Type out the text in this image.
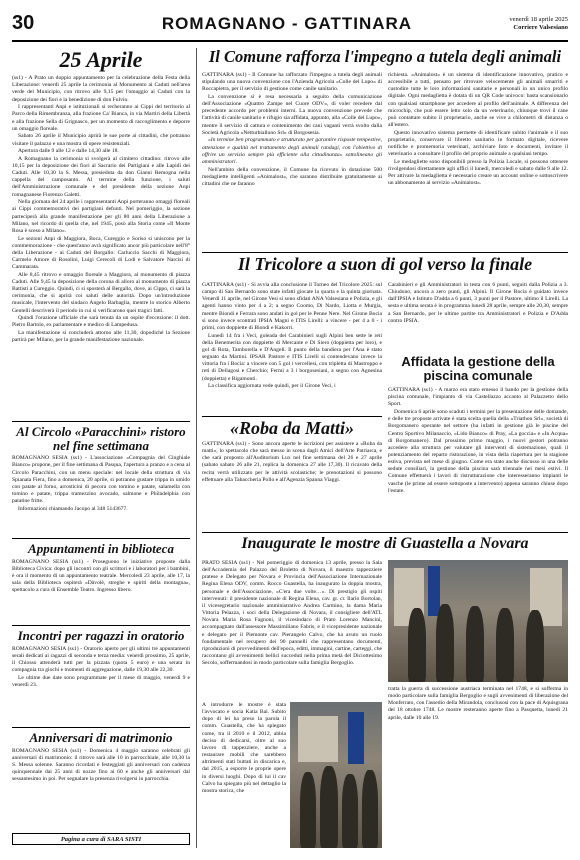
30	ROMAGNANO - GATTINARA	venerdì 18 aprile 2025
Corriere Valsesiano
25 Aprile

(ss1) - A Prato un doppio appuntamento per la celebrazione della Festa della Liberazione: venerdì 25 aprile la cerimonia al Monumento ai Caduti nell'area verde del Municipio, con ritrovo alle 9,15 per l'omaggio ai Caduti con la deposizione dei fiori e la benedizione di don Fulvio.

I rappresentanti Anpi e istituzionali si recheranno ai Cippi del territorio al Parco della Rimembranza, alla frazione Ca' Bianca, in via Martiri della Libertà e alla frazione Sella di Grignasco, per un momento di raccoglimento e deporre un omaggio floreale.

Sabato 26 aprile il Municipio aprirà le sue porte ai cittadini, che potranno visitare il palazzo e una mostra di opere resistenziali.

Apertura dalle 9 alle 12 e dalle 14,30 alle 18.

A Romagnano la cerimonia si svolgerà al cimitero cittadino: ritrovo alle 10,15 per la deposizione dei fiori al Sacrario dei Partigiani e alle Lapidi dei Caduti. Alle 10,30 la S. Messa, presieduta da don Gianni Remogna nella cappella del camposanto. Al termine della funzione, i saluti dell'Amministrazione comunale e del presidente della sezione Anpi romagnanese Fiorenzo Galetti.

Nella giornata del 24 aprile i rappresentanti Anpi porteranno omaggi floreali ai Cippi commemorativi dei partigiani defunti. Nel pomeriggio, la sezione parteciperà alla grande manifestazione per gli 80 anni della Liberazione a Milano, nel ricordo di quella che, nel 1945, posò alla Storia come «Il Monte Rosa è sceso a Milano».

Le sezioni Anpi di Maggiora, Boca, Cureggio e Soriso si uniscono per la commemorazione - che quest'anno avrà significato ancor più particolare nell'8° della Liberazione - ai Caduti del Borgallo: Carluccio Sacchi di Maggiora, Carmelo Amore di Rosolini, Luigi Cerecoli di Lodi e Salvatore Narcisi di Cammarata.

Alle 8,45 ritrovo e omaggio floreale a Maggiora, al monumento di piazza Caduti. Alle 9,45 la deposizione della corona di alloro al monumento di piazza Battisti a Cureggio. Quindi, ci si sposterà al Bergallo, dove, ai Cippo, ci sarà la cerimonia, che si aprirà coi saluti delle autorità. Dopo un'introduzione musicale, l'intervento del sindaco Angelo Barbaglia, mentre lo storico Alberto Gentelli descriverà il periodo in cui si verificarono quei tragici fatti.

Quindi l'orazione ufficiale che sarà tenuta da un ospite d'eccezione: il dott. Pietro Bartolo, ex parlamentare e medico di Lampedusa.

La manifestazione si concluderà attorno alle 11,30, dopodiché la Sezione partirà per Milano, per la grande manifestazione nazionale.

Al Circolo «Paracchini» ristoro nel fine settimana

ROMAGNANO SESIA (ss1) - L'associazione «Compagnia del Cinghiale Bianco» propone, per il fine settimana di Pasqua, l'apertura a pranzo e a cena al Circolo Paracchini, con un menu speciale: nel locale della struttura di via Spianata Fiera, fino a domenica, 20 aprile, si potranno gustare trippa in umido con patate al forno, arrosticini di pecora con tomino e patate, salamella con tomino e patate, trippa tramezzino avocado, salmone e Philadelphia con patatine fritte.

Informazioni chiamando Jacopo al 348 5143677.

Appuntamenti in biblioteca

ROMAGNANO SESIA (ss1) - Proseguono le iniziative proposte dalla Biblioteca Civica: dopo gli incontri con gli scrittori e i laboratori per i bambini, è ora il momento di un appuntamento teatrale. Mercoledì 23 aprile, alle 17, la sala della Biblioteca ospiterà «Dàvolè, streghe e spiriti della montagna», spettacolo a cura di Ensemble Teatro. Ingresso libero.

Incontri per ragazzi in oratorio

ROMAGNANO SESIA (ss1) - Oratorio aperto per gli ultimi tre appuntamenti serali dedicati ai ragazzi di seconda e terza media: venerdì prossimo, 25 aprile, il Chiosso attenderà tutti per la pizzata (quota 5 euro) e una serata in compagnia tra giochi e momenti di aggregazione, dalle 19,30 alle 22,30.

Le ultime due date sono programmate per il mese di maggio, venerdì 9 e venerdì 23.

Anniversari di matrimonio

ROMAGNANO SESIA (ss1) - Domenica 4 maggio saranno celebrati gli anniversari di matrimonio: il ritrovo sarà alle 10 in parrocchiale, alle 10,30 la S. Messa solenne. Saranno ricordati e festeggiati gli anniversari con cadenza quinquennale dai 25 anni di nozze fino ai 60 e anche gli anniversari dal sessantesimo in poi. Per segnalare la presenza rivolgersi in parrocchia.

Pagina a cura di SARA SISTI
Il Comune rafforza l'impegno a tutela degli animali

GATTINARA (ss1) - Il Comune ha rafforzato l'impegno a tutela degli animali stipulando una nuova convenzione con l'Azienda Agricola «Colle del Lupo» di Roccapietra, per il servizio di gestione come canile sanitario.

La convenzione si è resa necessaria a seguito della comunicazione dell'Associazione «Quattro Zampe nel Cuore ODV», di voler recedere dal precedente accordo per problemi interni. La nuova convenzione prevede che l'attività di canile sanitario e rifugio sia affidata, appunto, alla «Colle del Lupo», mentre il servizio di cattura e contenimento dei cani vaganti verrà svolto dalla Società Agricola «Netturbialluno Srl» di Borgosesia.

«In termine ben programmato e strutturato per garantire risposte tempestive, attenzione e qualità nel trattamento degli animali randagi, con l'obiettivo di offrire un servizio sempre più efficiente alla cittadinanza» sottolineano gli amministratori.

Nell'ambito della convenzione, il Comune ha ricevuto in dotazione 500 medagliette intelligenti «Animalost», che saranno distribuite gratuitamente ai cittadini che ne faranno

richiesta. «Animalost» è un sistema di identificazione innovativo, pratico e accessibile a tutti, pensato per ritrovare velocemente gli animali smarriti e custodire tutte le loro informazioni sanitarie e personali in un unico profilo digitale. Ogni medaglietta è dotata di un QR Code univoco: basta scansionarlo con qualsiasi smartphone per accedere al profilo dell'animale. A differenza del microchip, che può essere letto solo da un veterinario, chiunque trovi il cane può contattare subito il proprietario, anche se vive a chilometri di distanza o all'estero.

Questo innovativo sistema permette di identificare subito l'animale e il suo proprietario, conservare il libretto sanitario in formato digitale, ricevere notifiche e promemoria veterinari, archiviare foto e documenti, invitare il veterinario a consultare il profilo del proprio animale a qualsiasi tempo.

Le medagliette sono disponibili presso la Polizia Locale, si possono ottenere rivolgendosi direttamente agli uffici il lunedì, mercoledì e sabato dalle 9 alle 12. Per attivare la medaglietta è necessario creare un account online e sottoscrivere un abbonamento al servizio «Animalost».

Il Tricolore a suon di gol verso la finale

GATTINARA (ss1) - Si avvia alla conclusione il Torneo del Tricolore 2025: sul campo di San Bernardo sono state infatti giocate la quarta e la quinta giornata. Venerdì 11 aprile, nel Girone Vesi si sono sfidati ANA Valsesiana e Polizia, e gli agenti hanno vinto per 4 a 2; a segno Coomo, Di Nardo, Liotta e Murgia, mentre Biondi e Ferrara sono andati in gol per le Penne Nere. Nel Girone Bocia si sono invece scontrati IPSIA Magni e ITIS Lirelli: a vincere - per 4 a 0 - i primi, con doppiette di Biondi e Kakorri.

Lunedì 14 fra i Veci, goleada dei Carabinieri sugli Alpini ben sette le reti della Benemerita con doppiette di Mercante e Di Siero (doppietta per loro), e gol di Rota, Tamborella e D'Angeli. Il punto della bandiera per l'Ana è stato segnato da Martini. IPSAR Pastore e ITIS Lirelli si contendevano invece la vittoria fra i Bocia: a vincere con 5 gol i vercellesi, con tripletta di Mastroppo e reti di Dellagosi e Cherchio; Fermi a 3 i borgosesiani, a segno con Agnesina (doppietta) e Rigamonti.

La classifica aggiornata vede quindi, per il Girone Veci, i

Carabinieri e gli Amministratori in testa con 6 punti, seguiti dalla Polizia a 3. Chiudono, ancora a zero punti, gli Alpini. Il Girone Bocia è guidato invece dall'IPSIA e Istituto D'adda a 6 punti, 3 punti per il Pastore, ultimo il Lirelli. La sesta e ultima serata è in programma lunedì 28 aprile, sempre alle 20,30, sempre a San Bernardo, per le ultime partite tra Amministratori e Polizia e D'Adda contro IPSIA.

Affidata la gestione della piscina comunale

GATTINARA (ss1) - A marzo era stato emesso il bando per la gestione della piscina comunale, l'impianto di via Castellazzo accanto al Palazzetto dello Sport.

Domenica 6 aprile sono scaduti i termini per la presentazione delle domande, e delle tre proposte arrivate è stata scelta quella della «Triathon Srl», società di Borgomanero operante nel settore (ha infatti in gestione già le piscine del Centro Sportivo Milanaccio, «Lido Bianco» di Pray, «La goccia» e «In Acqua» di Borgomanero). Dal prossimo primo maggio, i nuovi gestori potranno accedere alla struttura per valutare gli interventi di sistemazione, quali il potenziamento del reparto ristorazione, in vista della riapertura per la stagione estiva, prevista nel mese di giugno. Come era stato anche discusso in una delle sedute consiliari, la gestione della piscina sarà triennale nei mesi estivi. Il Comune effettuerà i lavori di ristrutturazione che interesseranno impianti le vasche (le prime ad essere sottoposte a intervento) appena saranno chiuse dopo l'estate.

«Roba da Matti»

GATTINARA (ss1) - Sono ancora aperte le iscrizioni per assistere a «Roba da matti», lo spettacolo che sarà messo in scena dagli Amici dell'Arte Patriarca, e che sarà proposto all'Auditorium Lux nel fine settimana del 26 e 27 aprile (sabato sabato 26 alle 21, replica la domenica 27 alle 17,30). Il ricavato della recita verrà utilizzato per le attività scolastiche; le prenotazioni si possono effettuare alla Tabaccheria Pollo e all'Agenzia Spanna Viaggi.

Inaugurate le mostre di Guastella a Novara

PRATO SESIA (ss1) - Nel pomeriggio di domenica 13 aprile, presso la Sala dell'Accademia del Palazzo del Broletto di Novara, il maestro tappezziere pratese e Delegato per Novara e Provincia dell'Associazione Internazionale Regina Elena ODV, comm. Rocco Guastella, ha inaugurato la doppia mostra, personale e dell'Associazione, «C'era due volte…». Di prestigio gli ospiti intervenuti: il presidente nazionale di Regina Elena, cav. gr. cr. Ilario Bortolan, il vicesegretario nazionale amministrativo Andrea Carmino, la dama Maria Vittoria Pelazza, i soci della Delegazione di Novara, il consigliere dell'ATL Novara Maria Rosa Fagnoni, il vicesindaco di Prato Lorenzo Mancini, accompagnato dall'assessore Massimiliano Fabris, e il vicepresidente nazionale e delegato per il Piemonte cav. Pierangelo Calvo, che ha avuto un ruolo fondamentale nel recupero dei 90 pannelli che rappresentano documenti, riproduzioni di provvedimenti dell'epoca, editti, immagini, cartine, carteggi, che raccontano gli avvenimenti bellici succeduti nella prima metà del Diciottesimo Secolo, soffermandosi in modo particolare sulla famiglia Bergoglio.

A introdurre le mostre è stata l'avvocato e socia Katia Bai. Subito dopo di lei ha preso la parola il comm. Guastella, che ha spiegato come, tra il 2010 e il 2012, abbia deciso di dedicarsi, oltre al suo lavoro di tappezziere, anche a restaurare mobili che sarebbero altrimenti stati buttati in discarica e, dal 2015, a esporre le proprie opere in diversi luoghi. Dopo di lui il cav Calvo ha spiegato più nel dettaglio la mostra storica, che

tratta la guerra di successione austriaca terminata nel 1748, e si sofferma in modo particolare sulla famiglia Bergoglio e sugli avvenimenti di liberazione del Monferrato, con l'assedio della Mirandola, conclusosi con la pace di Aquisgrana del 18 ottobre 1748. Le mostre resteranno aperte fino a Pasquetta, lunedì 21 aprile, dalle 10 alle 19.
